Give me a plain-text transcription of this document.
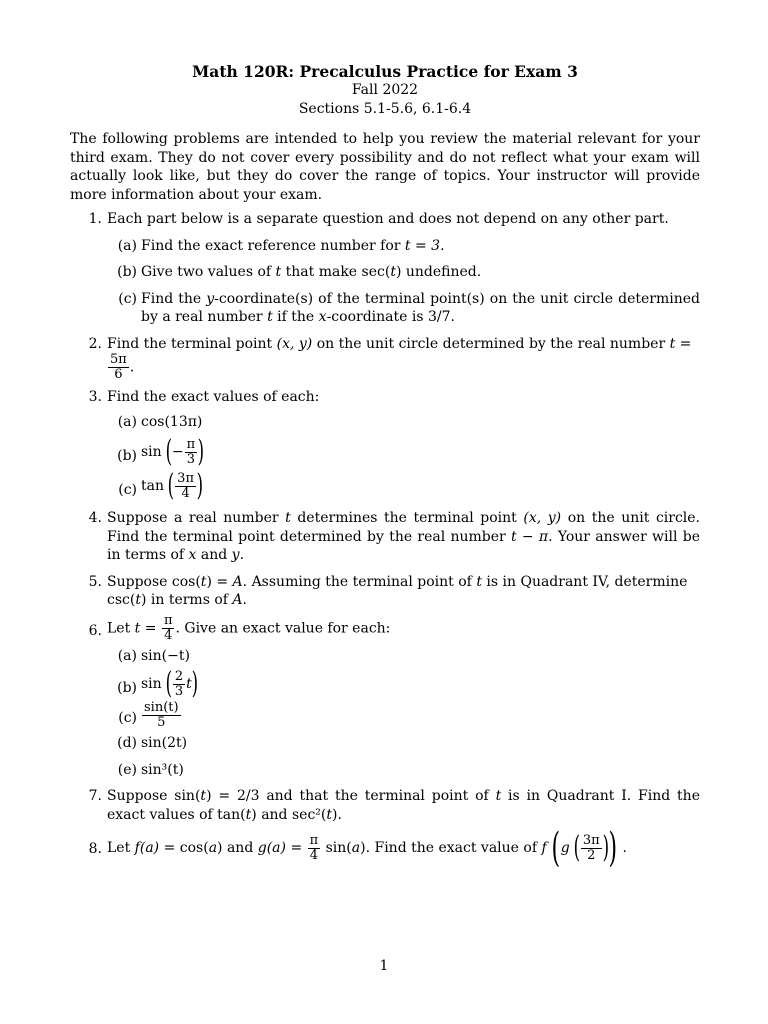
Math 120R: Precalculus Practice for Exam 3
Fall 2022
Sections 5.1-5.6, 6.1-6.4
The following problems are intended to help you review the material relevant for your third exam. They do not cover every possibility and do not reflect what your exam will actually look like, but they do cover the range of topics. Your instructor will provide more information about your exam.
1. Each part below is a separate question and does not depend on any other part.
(a) Find the exact reference number for t = 3.
(b) Give two values of t that make sec(t) undefined.
(c) Find the y-coordinate(s) of the terminal point(s) on the unit circle determined by a real number t if the x-coordinate is 3/7.
2. Find the terminal point (x, y) on the unit circle determined by the real number t =
$\frac{5\pi}{6}$ .
3. Find the exact values of each:
(a) cos(13π)
(b) sin (− $\frac{\pi}{3}$ )
(c) tan ( $\frac{3\pi}{4}$ )
4. Suppose a real number t determines the terminal point (x, y) on the unit circle. Find the terminal point determined by the real number t − π. Your answer will be in terms of x and y.
5. Suppose cos(t) = A. Assuming the terminal point of t is in Quadrant IV, determine csc(t) in terms of A.
6. Let $t = \frac{\pi}{4}$ . Give an exact value for each:
(a) sin(−t)
(b) sin ( $\frac{2}{3} t$)
$(c) \frac{\sin(t)}{5}$
(d) sin(2t)
(e) sin³(t)
7. Suppose sin(t) = 2/3 and that the terminal point of t is in Quadrant I. Find the exact values of tan(t) and sec²(t).
8. Let f(a) = cos(a) and $g(a) = \frac{\pi}{4} \sin(a)$. Find the exact value of f (g ( $\frac{3\pi}{2}$ )) .
1
